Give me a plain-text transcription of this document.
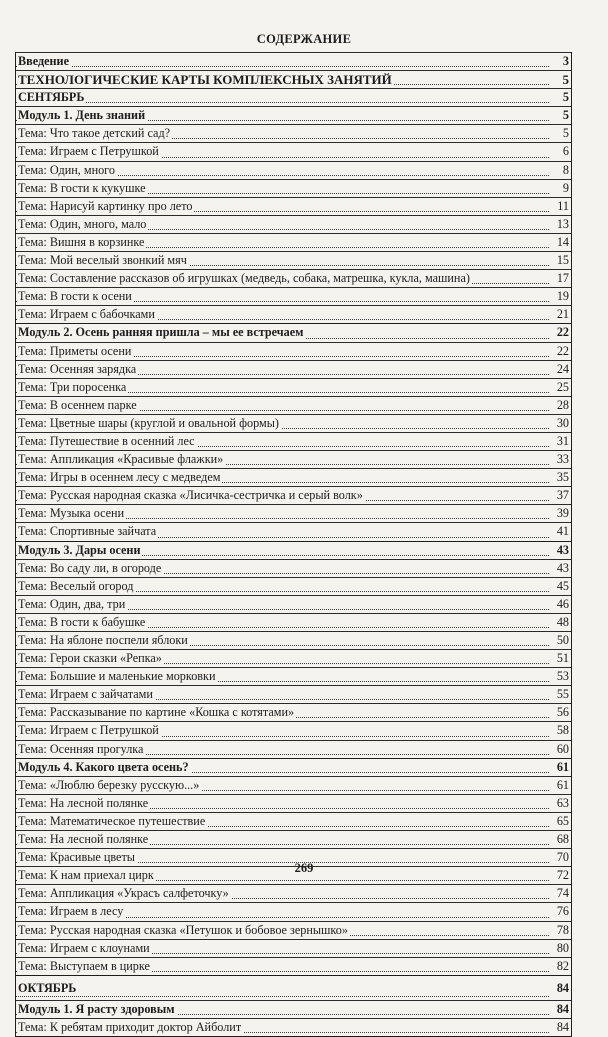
СОДЕРЖАНИЕ
Введение	3
ТЕХНОЛОГИЧЕСКИЕ КАРТЫ КОМПЛЕКСНЫХ ЗАНЯТИЙ	5
СЕНТЯБРЬ	5
Модуль 1. День знаний	5
Тема: Что такое детский сад?	5
Тема: Играем с Петрушкой	6
Тема: Один, много	8
Тема: В гости к кукушке	9
Тема: Нарисуй картинку про лето	11
Тема: Один, много, мало	13
Тема: Вишня в корзинке	14
Тема: Мой веселый звонкий мяч	15
Тема: Составление рассказов об игрушках (медведь, собака, матрешка, кукла, машина)	17
Тема: В гости к осени	19
Тема: Играем с бабочками	21
Модуль 2. Осень ранняя пришла – мы ее встречаем	22
Тема: Приметы осени	22
Тема: Осенняя зарядка	24
Тема: Три поросенка	25
Тема: В осеннем парке	28
Тема: Цветные шары (круглой и овальной формы)	30
Тема: Путешествие в осенний лес	31
Тема: Аппликация «Красивые флажки»	33
Тема: Игры в осеннем лесу с медведем	35
Тема: Русская народная сказка «Лисичка-сестричка и серый волк»	37
Тема: Музыка осени	39
Тема: Спортивные зайчата	41
Модуль 3. Дары осени	43
Тема: Во саду ли, в огороде	43
Тема: Веселый огород	45
Тема: Один, два, три	46
Тема: В гости к бабушке	48
Тема: На яблоне поспели яблоки	50
Тема: Герои сказки «Репка»	51
Тема: Большие и маленькие морковки	53
Тема: Играем с зайчатами	55
Тема: Рассказывание по картине «Кошка с котятами»	56
Тема: Играем с Петрушкой	58
Тема: Осенняя прогулка	60
Модуль 4. Какого цвета осень?	61
Тема: «Люблю березку русскую...»	61
Тема: На лесной полянке	63
Тема: Математическое путешествие	65
Тема: На лесной полянке	68
Тема: Красивые цветы	70
Тема: К нам приехал цирк	72
Тема: Аппликация «Украсъ салфеточку»	74
Тема: Играем в лесу	76
Тема: Русская народная сказка «Петушок и бобовое зернышко»	78
Тема: Играем с клоунами	80
Тема: Выступаем в цирке	82
ОКТЯБРЬ	84
Модуль 1. Я расту здоровым	84
Тема: К ребятам приходит доктор Айболит	84
269
